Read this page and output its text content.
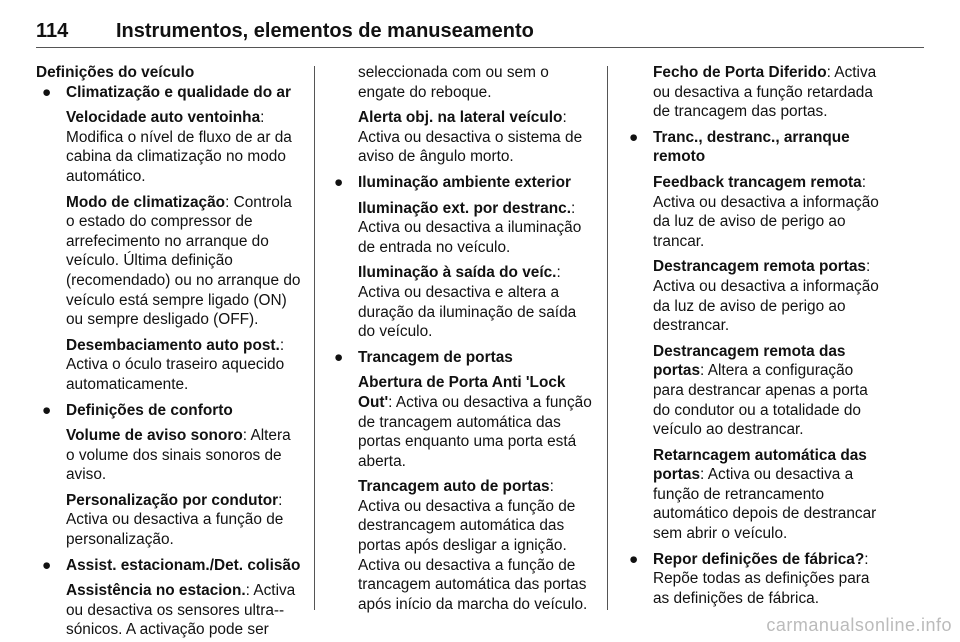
114 Instrumentos, elementos de manuseamento
Definições do veículo
● Climatização e qualidade do ar
Velocidade auto ventoinha: Modifica o nível de fluxo de ar da cabina da climatização no modo automático.
Modo de climatização: Controla o estado do compressor de arrefecimento no arranque do veículo. Última definição (recomendado) ou no arranque do veículo está sempre ligado (ON) ou sempre desligado (OFF).
Desembaciamento auto post.: Activa o óculo traseiro aquecido automaticamente.
● Definições de conforto
Volume de aviso sonoro: Altera o volume dos sinais sonoros de aviso.
Personalização por condutor: Activa ou desactiva a função de personalização.
● Assist. estacionam./Det. colisão
Assistência no estacion.: Activa ou desactiva os sensores ultra--sónicos. A activação pode ser
seleccionada com ou sem o engate do reboque.
Alerta obj. na lateral veículo: Activa ou desactiva o sistema de aviso de ângulo morto.
● Iluminação ambiente exterior
Iluminação ext. por destranc.: Activa ou desactiva a iluminação de entrada no veículo.
Iluminação à saída do veíc.: Activa ou desactiva e altera a duração da iluminação de saída do veículo.
● Trancagem de portas
Abertura de Porta Anti 'Lock Out': Activa ou desactiva a função de trancagem automática das portas enquanto uma porta está aberta.
Trancagem auto de portas: Activa ou desactiva a função de destrancagem automática das portas após desligar a ignição. Activa ou desactiva a função de trancagem automática das portas após início da marcha do veículo.
Fecho de Porta Diferido: Activa ou desactiva a função retardada de trancagem das portas.
● Tranc., destranc., arranque remoto
Feedback trancagem remota: Activa ou desactiva a informação da luz de aviso de perigo ao trancar.
Destrancagem remota portas: Activa ou desactiva a informação da luz de aviso de perigo ao destrancar.
Destrancagem remota das portas: Altera a configuração para destrancar apenas a porta do condutor ou a totalidade do veículo ao destrancar.
Retarncagem automática das portas: Activa ou desactiva a função de retrancamento automático depois de destrancar sem abrir o veículo.
● Repor definições de fábrica?: Repõe todas as definições para as definições de fábrica.
carmanualsonline.info
